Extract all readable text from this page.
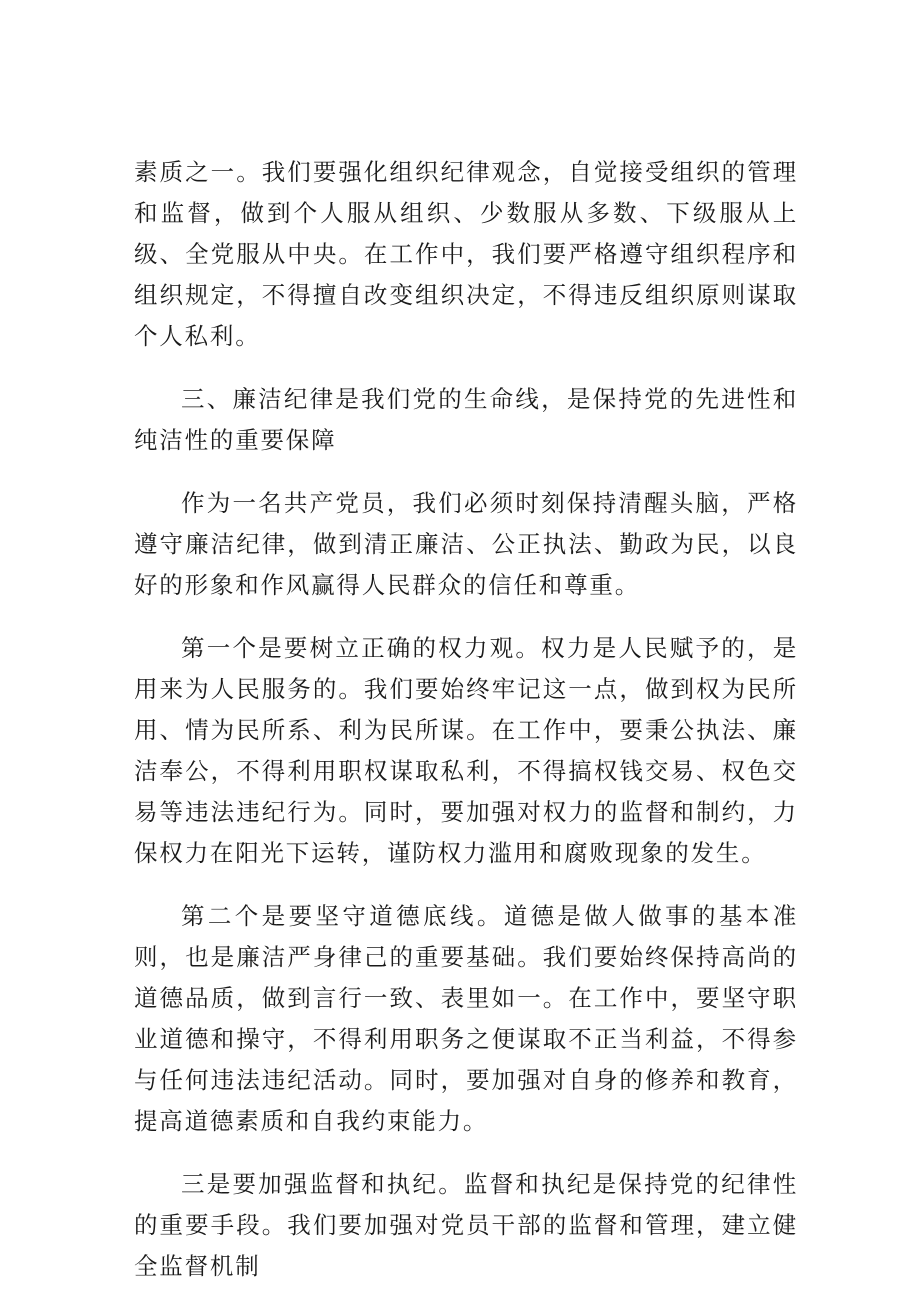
素质之一。我们要强化组织纪律观念，自觉接受组织的管理和监督，做到个人服从组织、少数服从多数、下级服从上级、全党服从中央。在工作中，我们要严格遵守组织程序和组织规定，不得擅自改变组织决定，不得违反组织原则谋取个人私利。

三、廉洁纪律是我们党的生命线，是保持党的先进性和纯洁性的重要保障

作为一名共产党员，我们必须时刻保持清醒头脑，严格遵守廉洁纪律，做到清正廉洁、公正执法、勤政为民，以良好的形象和作风赢得人民群众的信任和尊重。

第一个是要树立正确的权力观。权力是人民赋予的，是用来为人民服务的。我们要始终牢记这一点，做到权为民所用、情为民所系、利为民所谋。在工作中，要秉公执法、廉洁奉公，不得利用职权谋取私利，不得搞权钱交易、权色交易等违法违纪行为。同时，要加强对权力的监督和制约，力保权力在阳光下运转，谨防权力滥用和腐败现象的发生。

第二个是要坚守道德底线。道德是做人做事的基本准则，也是廉洁严身律己的重要基础。我们要始终保持高尚的道德品质，做到言行一致、表里如一。在工作中，要坚守职业道德和操守，不得利用职务之便谋取不正当利益，不得参与任何违法违纪活动。同时，要加强对自身的修养和教育，提高道德素质和自我约束能力。

三是要加强监督和执纪。监督和执纪是保持党的纪律性的重要手段。我们要加强对党员干部的监督和管理，建立健全监督机制
